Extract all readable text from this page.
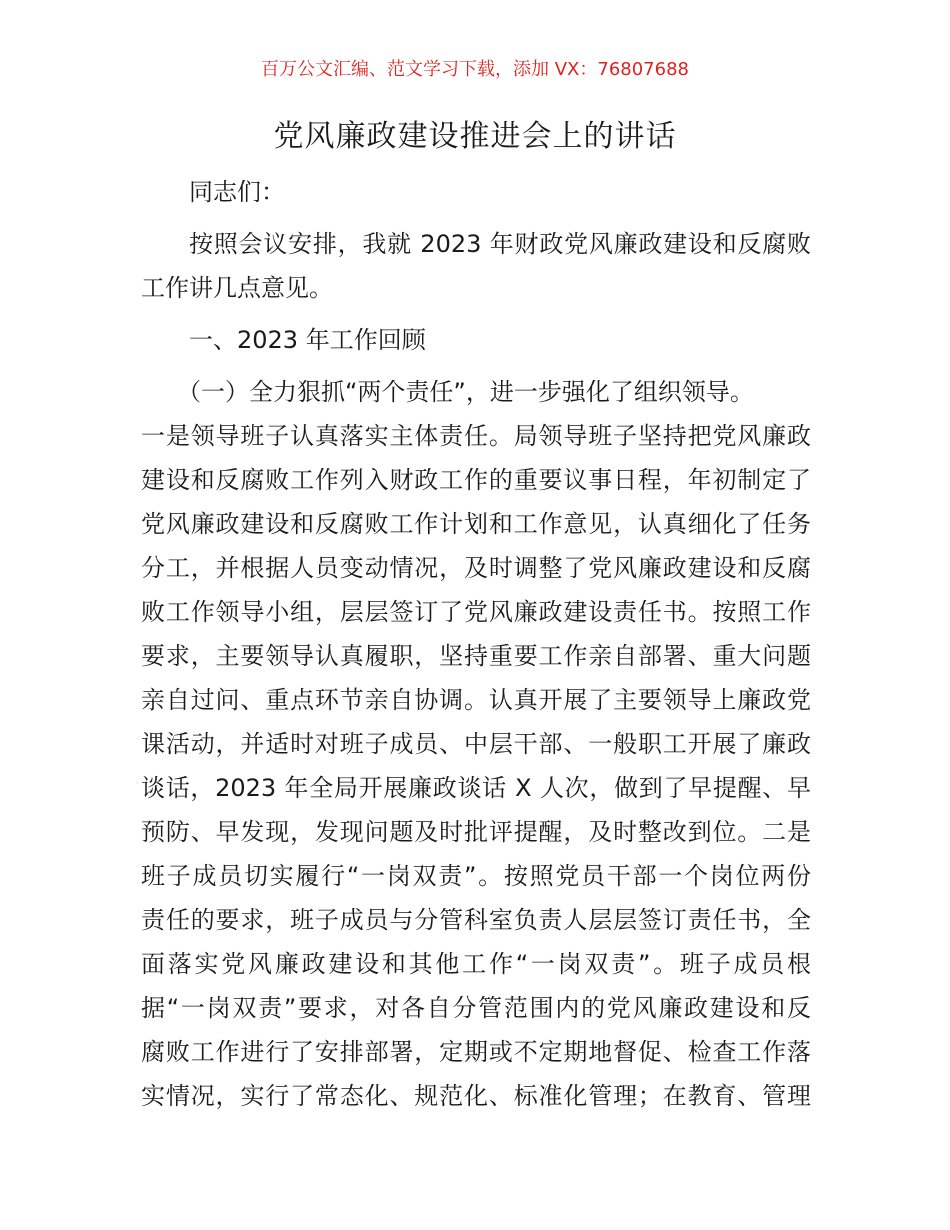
百万公文汇编、范文学习下载，添加 VX：76807688
党风廉政建设推进会上的讲话
同志们：
按照会议安排，我就 2023 年财政党风廉政建设和反腐败
工作讲几点意见。
一、2023 年工作回顾
（一）全力狠抓“两个责任”，进一步强化了组织领导。
一是领导班子认真落实主体责任。局领导班子坚持把党风廉政
建设和反腐败工作列入财政工作的重要议事日程，年初制定了
党风廉政建设和反腐败工作计划和工作意见，认真细化了任务
分工，并根据人员变动情况，及时调整了党风廉政建设和反腐
败工作领导小组，层层签订了党风廉政建设责任书。按照工作
要求，主要领导认真履职，坚持重要工作亲自部署、重大问题
亲自过问、重点环节亲自协调。认真开展了主要领导上廉政党
课活动，并适时对班子成员、中层干部、一般职工开展了廉政
谈话，2023 年全局开展廉政谈话 X 人次，做到了早提醒、早
预防、早发现，发现问题及时批评提醒，及时整改到位。二是
班子成员切实履行“一岗双责”。按照党员干部一个岗位两份
责任的要求，班子成员与分管科室负责人层层签订责任书，全
面落实党风廉政建设和其他工作“一岗双责”。班子成员根
据“一岗双责”要求，对各自分管范围内的党风廉政建设和反
腐败工作进行了安排部署，定期或不定期地督促、检查工作落
实情况，实行了常态化、规范化、标准化管理；在教育、管理
